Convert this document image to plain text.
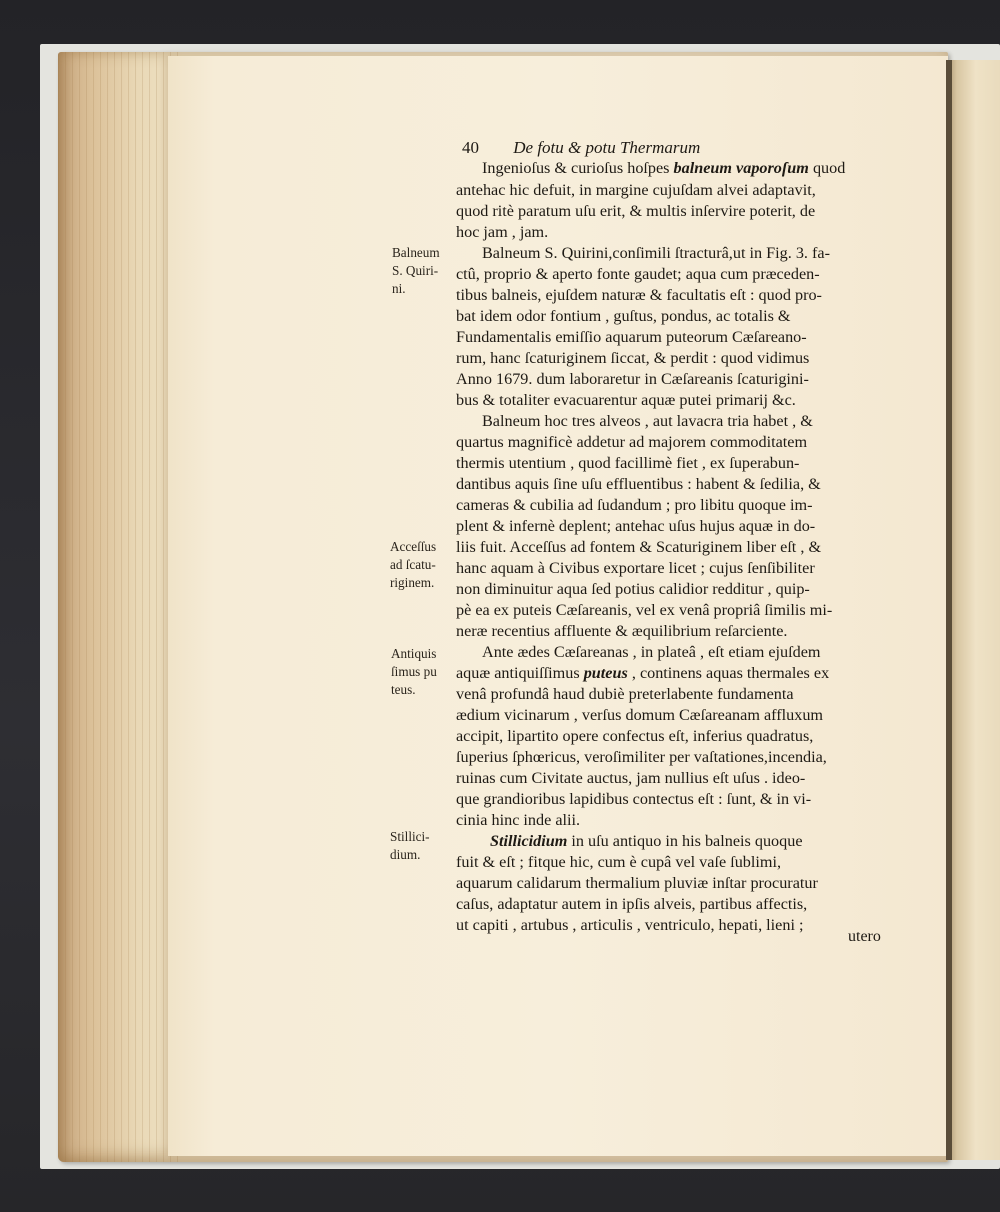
40 De fotu & potu Thermarum
Balneum
S. Quiri-
ni.
Acceſſus
ad ſcatu-
riginem.
Antiquis
ſimus pu
teus.
Stillici-
dium.
Ingenioſus & curioſus hoſpes balneum vaporoſum quod
antehac hic defuit, in margine cujuſdam alvei adaptavit,
quod ritè paratum uſu erit, & multis inſervire poterit, de
hoc jam , jam.
Balneum S. Quirini,conſimili ſtracturâ,ut in Fig. 3. fa-
ctû, proprio & aperto fonte gaudet; aqua cum præceden-
tibus balneis, ejuſdem naturæ & facultatis eſt : quod pro-
bat idem odor fontium , guſtus, pondus, ac totalis &
Fundamentalis emiſſio aquarum puteorum Cæſareano-
rum, hanc ſcaturiginem ſiccat, & perdit : quod vidimus
Anno 1679. dum laboraretur in Cæſareanis ſcaturigini-
bus & totaliter evacuarentur aquæ putei primarij &c.
Balneum hoc tres alveos , aut lavacra tria habet , &
quartus magnificè addetur ad majorem commoditatem
thermis utentium , quod facillimè fiet , ex ſuperabun-
dantibus aquis ſine uſu effluentibus : habent & ſedilia, &
cameras & cubilia ad ſudandum ; pro libitu quoque im-
plent & infernè deplent; antehac uſus hujus aquæ in do-
liis fuit. Acceſſus ad fontem & Scaturiginem liber eſt , &
hanc aquam à Civibus exportare licet ; cujus ſenſibiliter
non diminuitur aqua ſed potius calidior redditur , quip-
pè ea ex puteis Cæſareanis, vel ex venâ propriâ ſimilis mi-
neræ recentius affluente & æquilibrium reſarciente.
Ante ædes Cæſareanas , in plateâ , eſt etiam ejuſdem
aquæ antiquiſſimus puteus , continens aquas thermales ex
venâ profundâ haud dubiè preterlabente fundamenta
ædium vicinarum , verſus domum Cæſareanam affluxum
accipit, lipartito opere confectus eſt, inferius quadratus,
ſuperius ſphœricus, veroſimiliter per vaſtationes,incendia,
ruinas cum Civitate auctus, jam nullius eſt uſus . ideo-
que grandioribus lapidibus contectus eſt : ſunt, & in vi-
cinia hinc inde alii.
Stillicidium in uſu antiquo in his balneis quoque
fuit & eſt ; fitque hic, cum è cupâ vel vaſe ſublimi,
aquarum calidarum thermalium pluviæ inſtar procuratur
caſus, adaptatur autem in ipſis alveis, partibus affectis,
ut capiti , artubus , articulis , ventriculo, hepati, lieni ;
utero
